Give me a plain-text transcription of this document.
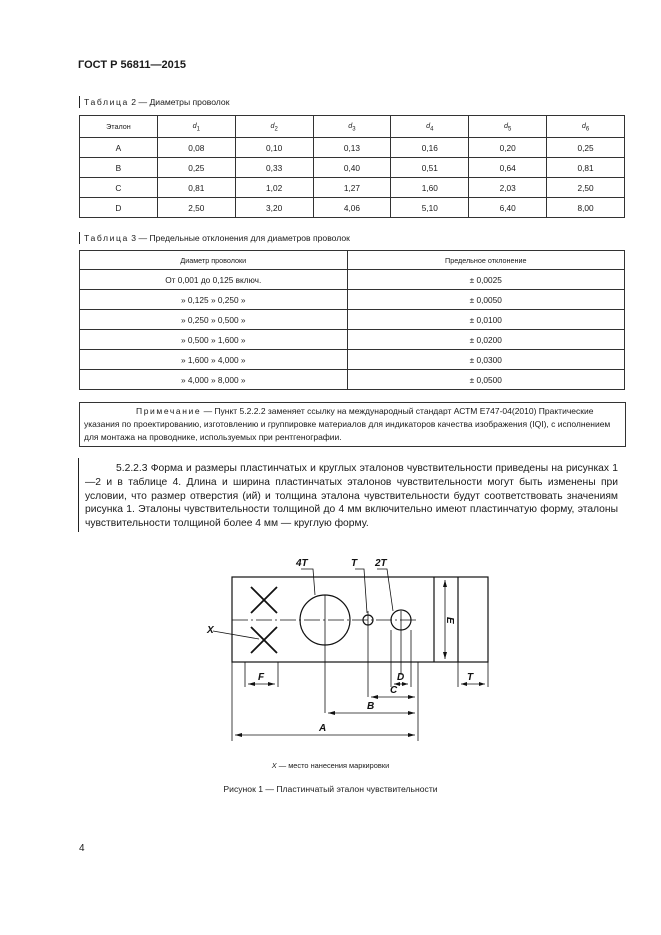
ГОСТ Р 56811—2015
Таблица 2 — Диаметры проволок
Эталон	$d_1$	$d_2$	$d_3$	$d_4$	$d_5$	$d_6$
A	0,08	0,10	0,13	0,16	0,20	0,25
B	0,25	0,33	0,40	0,51	0,64	0,81
C	0,81	1,02	1,27	1,60	2,03	2,50
D	2,50	3,20	4,06	5,10	6,40	8,00
Таблица 3 — Предельные отклонения для диаметров проволок
Диаметр проволоки	Предельное отклонение
От 0,001 до 0,125 включ.	± 0,0025
» 0,125 » 0,250 »	± 0,0050
» 0,250 » 0,500 »	± 0,0100
» 0,500 » 1,600 »	± 0,0200
» 1,600 » 4,000 »	± 0,0300
» 4,000 » 8,000 »	± 0,0500
Примечание — Пункт 5.2.2.2 заменяет ссылку на международный стандарт АСТМ Е747-04(2010) Практические указания по проектированию, изготовлению и группировке материалов для индикаторов качества изображения (IQI), с исполнением для монтажа на проводнике, используемых при рентгенографии.

5.2.2.3 Форма и размеры пластинчатых и круглых эталонов чувствительности приведены на рисунках 1—2 и в таблице 4. Длина и ширина пластинчатых эталонов чувствительности могут быть изменены при условии, что размер отверстия (ий) и толщина эталона чувствительности будут соответствовать значениям рисунка 1. Эталоны чувствительности толщиной до 4 мм включительно имеют пластинчатую форму, эталоны чувствительности толщиной более 4 мм — круглую форму.

4T	T 2T
X
E
F	D	T
C
B
A
X — место нанесения маркировки
Рисунок 1 — Пластинчатый эталон чувствительности
4
